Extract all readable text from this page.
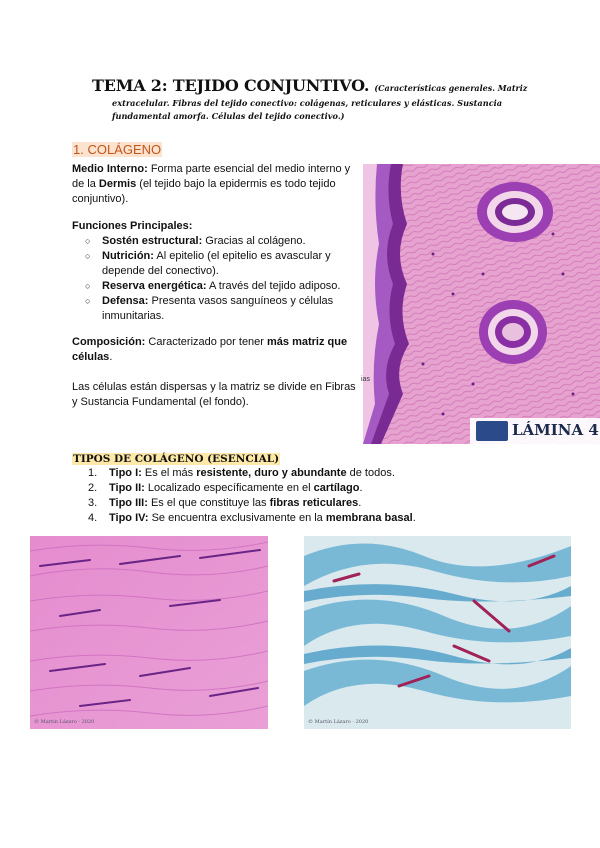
TEMA 2: TEJIDO CONJUNTIVO. (Características generales. Matriz
extracelular. Fibras del tejido conectivo: colágenas, reticulares y elásticas. Sustancia fundamental amorfa. Células del tejido conectivo.)
1. COLÁGENO
Medio Interno: Forma parte esencial del medio interno y de la Dermis (el tejido bajo la epidermis es todo tejido conjuntivo).
Funciones Principales:
○ Sostén estructural: Gracias al colágeno.
○ Nutrición: Al epitelio (el epitelio es avascular y depende del conectivo).
○ Reserva energética: A través del tejido adiposo.
○ Defensa: Presenta vasos sanguíneos y células inmunitarias.
Composición: Caracterizado por tener más matriz que células.
Las células están dispersas y la matriz se divide en Fibras y Sustancia Fundamental (el fondo).
LÁMINA 4
ias
TIPOS DE COLÁGENO (ESENCIAL)
1. Tipo I: Es el más resistente, duro y abundante de todos.
2. Tipo II: Localizado específicamente en el cartílago.
3. Tipo III: Es el que constituye las fibras reticulares.
4. Tipo IV: Se encuentra exclusivamente en la membrana basal.
© Martín Lázaro · 2020	© Martín Lázaro · 2020
